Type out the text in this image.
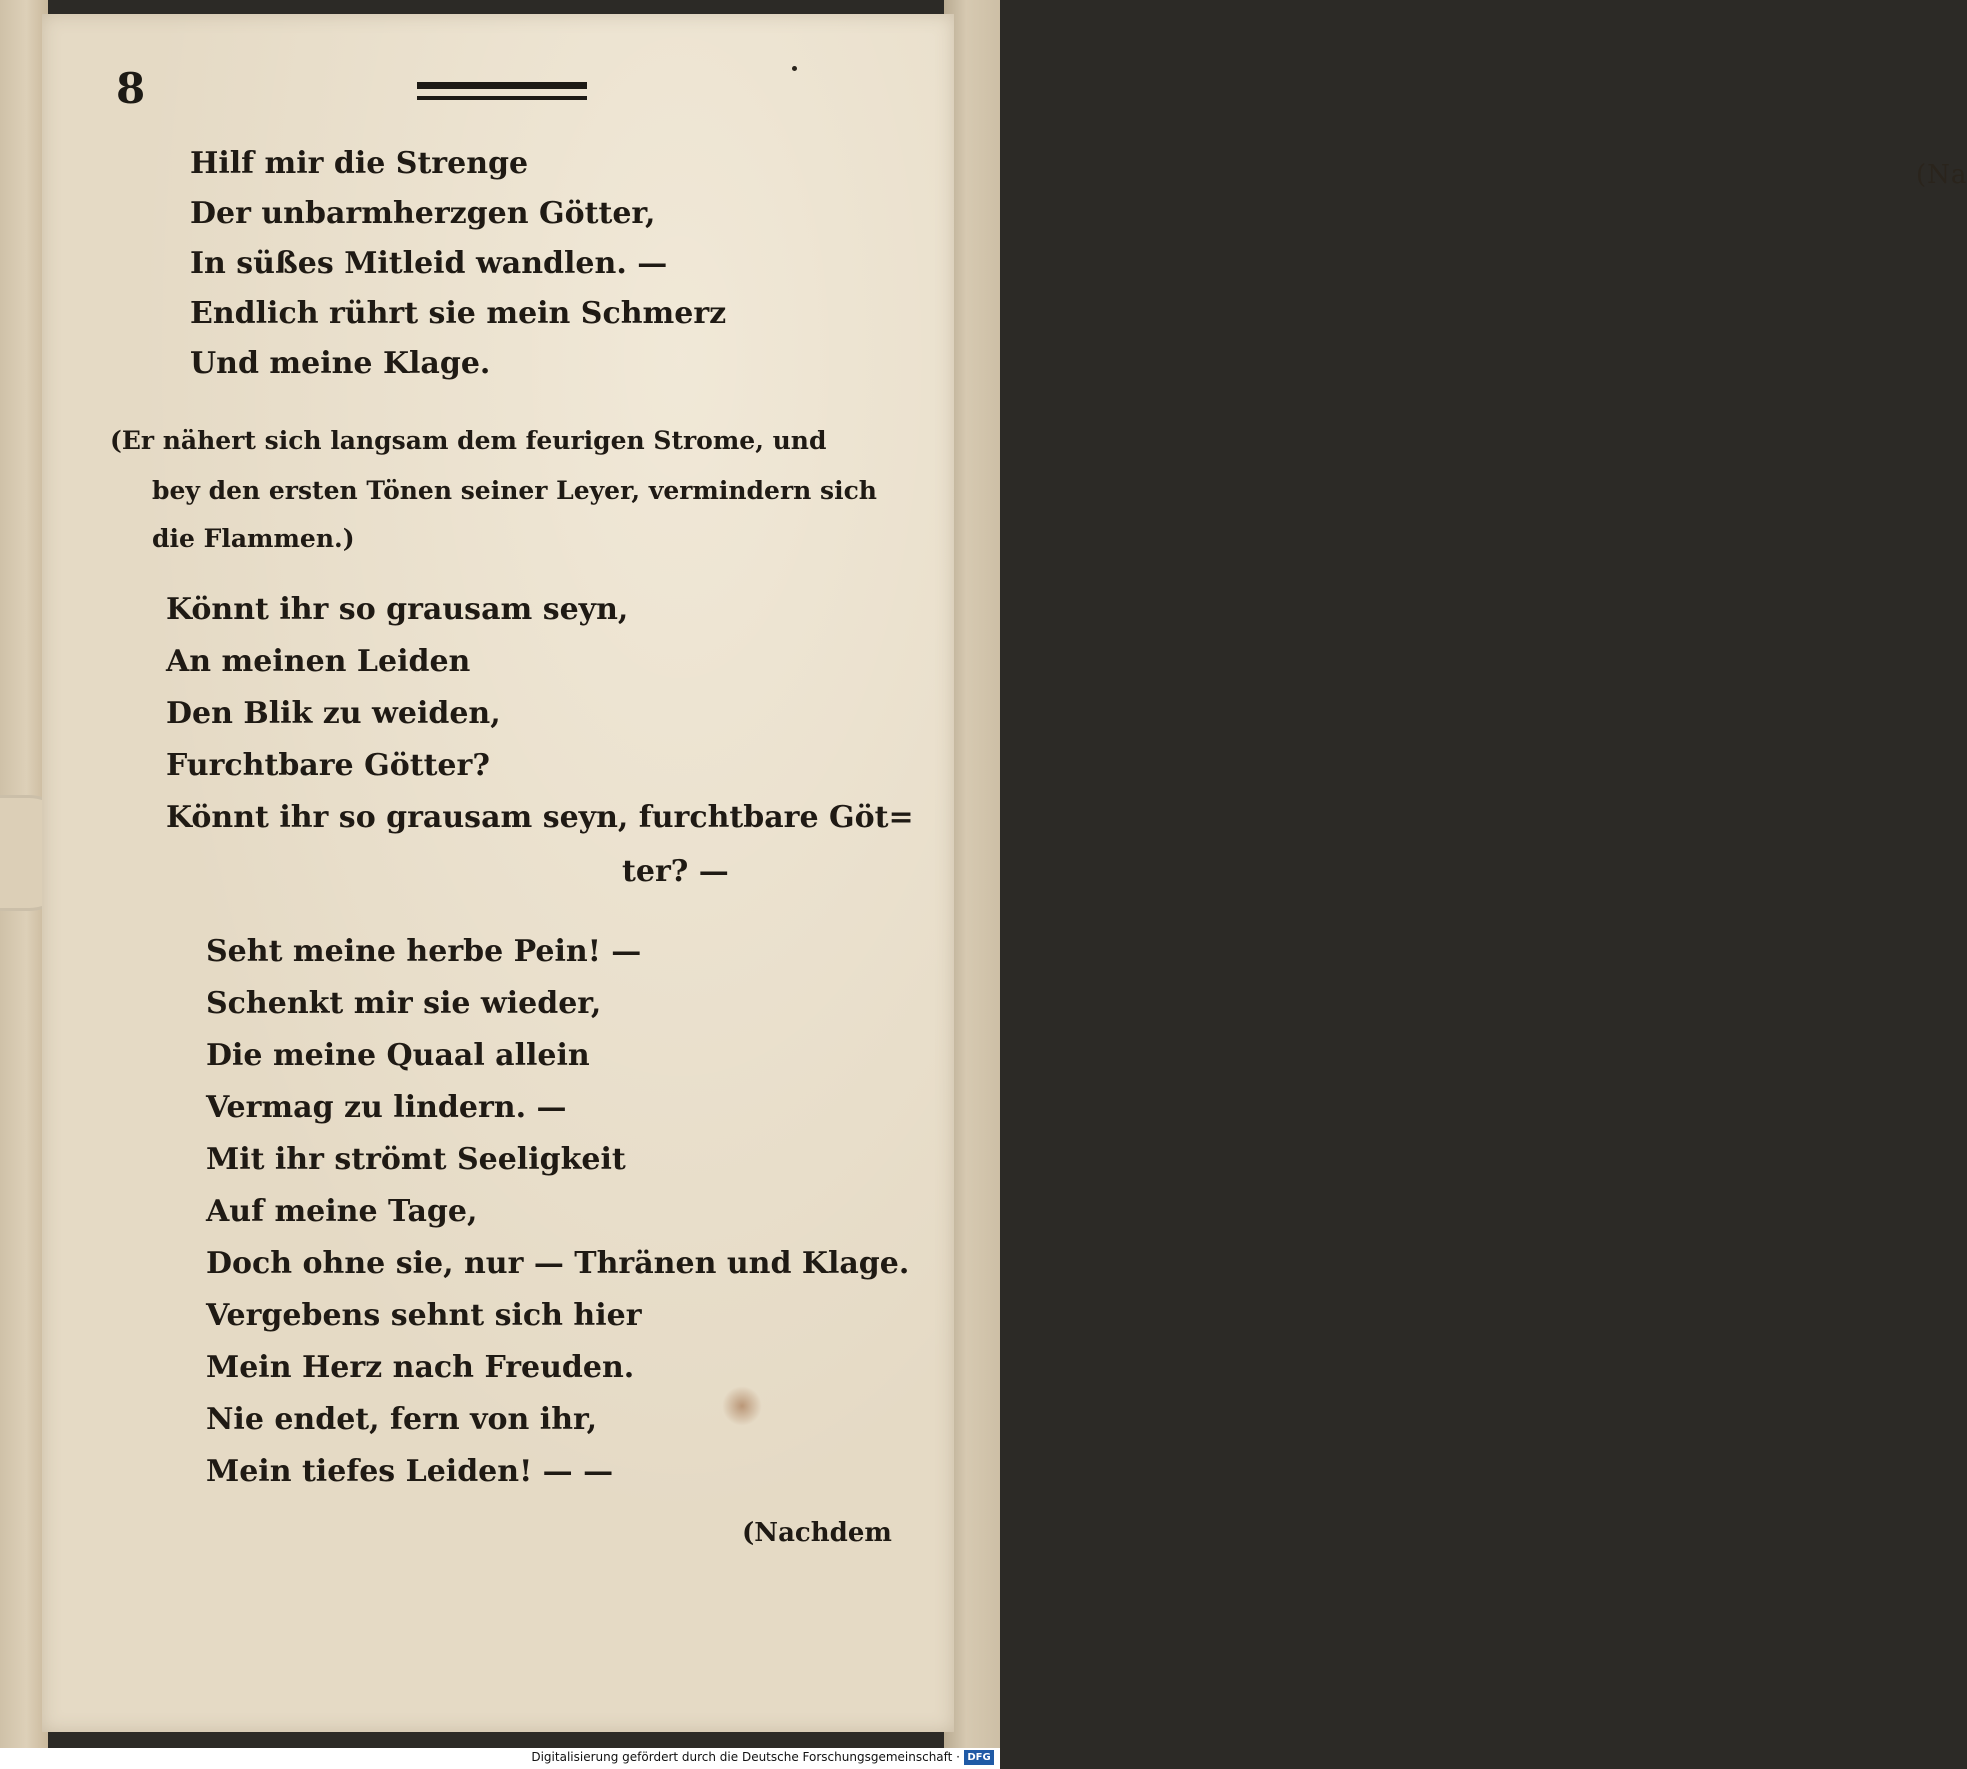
(Na
8
Hilf mir die Strenge
Der unbarmherzgen Götter,
In süßes Mitleid wandlen. —
Endlich rührt sie mein Schmerz
Und meine Klage.
(Er nähert sich langsam dem feurigen Strome, und
bey den ersten Tönen seiner Leyer, vermindern sich
die Flammen.)
Könnt ihr so grausam seyn,
An meinen Leiden
Den Blik zu weiden,
Furchtbare Götter?
Könnt ihr so grausam seyn, furchtbare Göt=
ter? —
Seht meine herbe Pein! —
Schenkt mir sie wieder,
Die meine Quaal allein
Vermag zu lindern. —
Mit ihr strömt Seeligkeit
Auf meine Tage,
Doch ohne sie, nur — Thränen und Klage.
Vergebens sehnt sich hier
Mein Herz nach Freuden.
Nie endet, fern von ihr,
Mein tiefes Leiden! — —
(Nachdem
Digitalisierung gefördert durch die Deutsche Forschungsgemeinschaft · DFG
